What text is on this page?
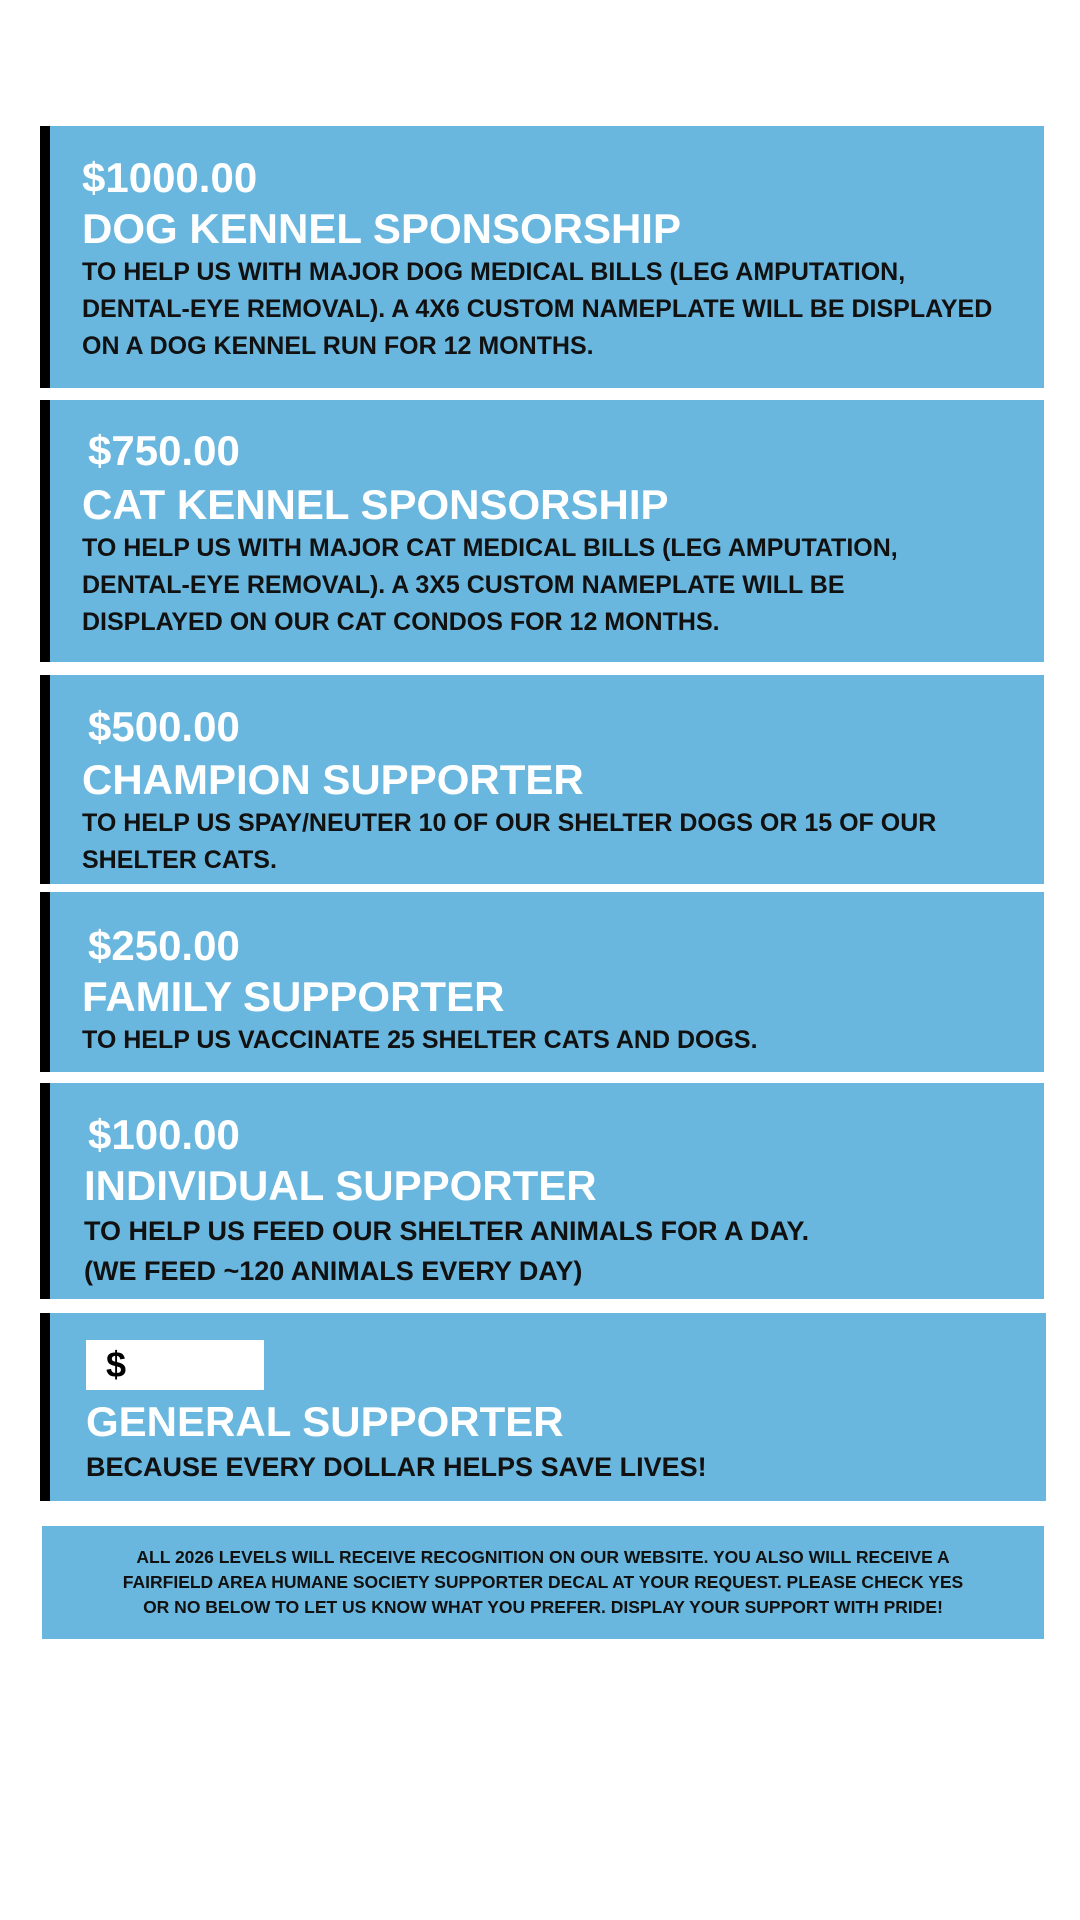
$1000.00

DOG KENNEL SPONSORSHIP

TO HELP US WITH MAJOR DOG MEDICAL BILLS (LEG AMPUTATION,
DENTAL-EYE REMOVAL). A 4X6 CUSTOM NAMEPLATE WILL BE DISPLAYED
ON A DOG KENNEL RUN FOR 12 MONTHS.

$750.00

CAT KENNEL SPONSORSHIP

TO HELP US WITH MAJOR CAT MEDICAL BILLS (LEG AMPUTATION,
DENTAL-EYE REMOVAL). A 3X5 CUSTOM NAMEPLATE WILL BE
DISPLAYED ON OUR CAT CONDOS FOR 12 MONTHS.

$500.00

CHAMPION SUPPORTER

TO HELP US SPAY/NEUTER 10 OF OUR SHELTER DOGS OR 15 OF OUR
SHELTER CATS.

$250.00

FAMILY SUPPORTER

TO HELP US VACCINATE 25 SHELTER CATS AND DOGS.

$100.00

INDIVIDUAL SUPPORTER

TO HELP US FEED OUR SHELTER ANIMALS FOR A DAY.
(WE FEED ~120 ANIMALS EVERY DAY)

$

GENERAL SUPPORTER

BECAUSE EVERY DOLLAR HELPS SAVE LIVES!

ALL 2026 LEVELS WILL RECEIVE RECOGNITION ON OUR WEBSITE. YOU ALSO WILL RECEIVE A
FAIRFIELD AREA HUMANE SOCIETY SUPPORTER DECAL AT YOUR REQUEST. PLEASE CHECK YES
OR NO BELOW TO LET US KNOW WHAT YOU PREFER. DISPLAY YOUR SUPPORT WITH PRIDE!
